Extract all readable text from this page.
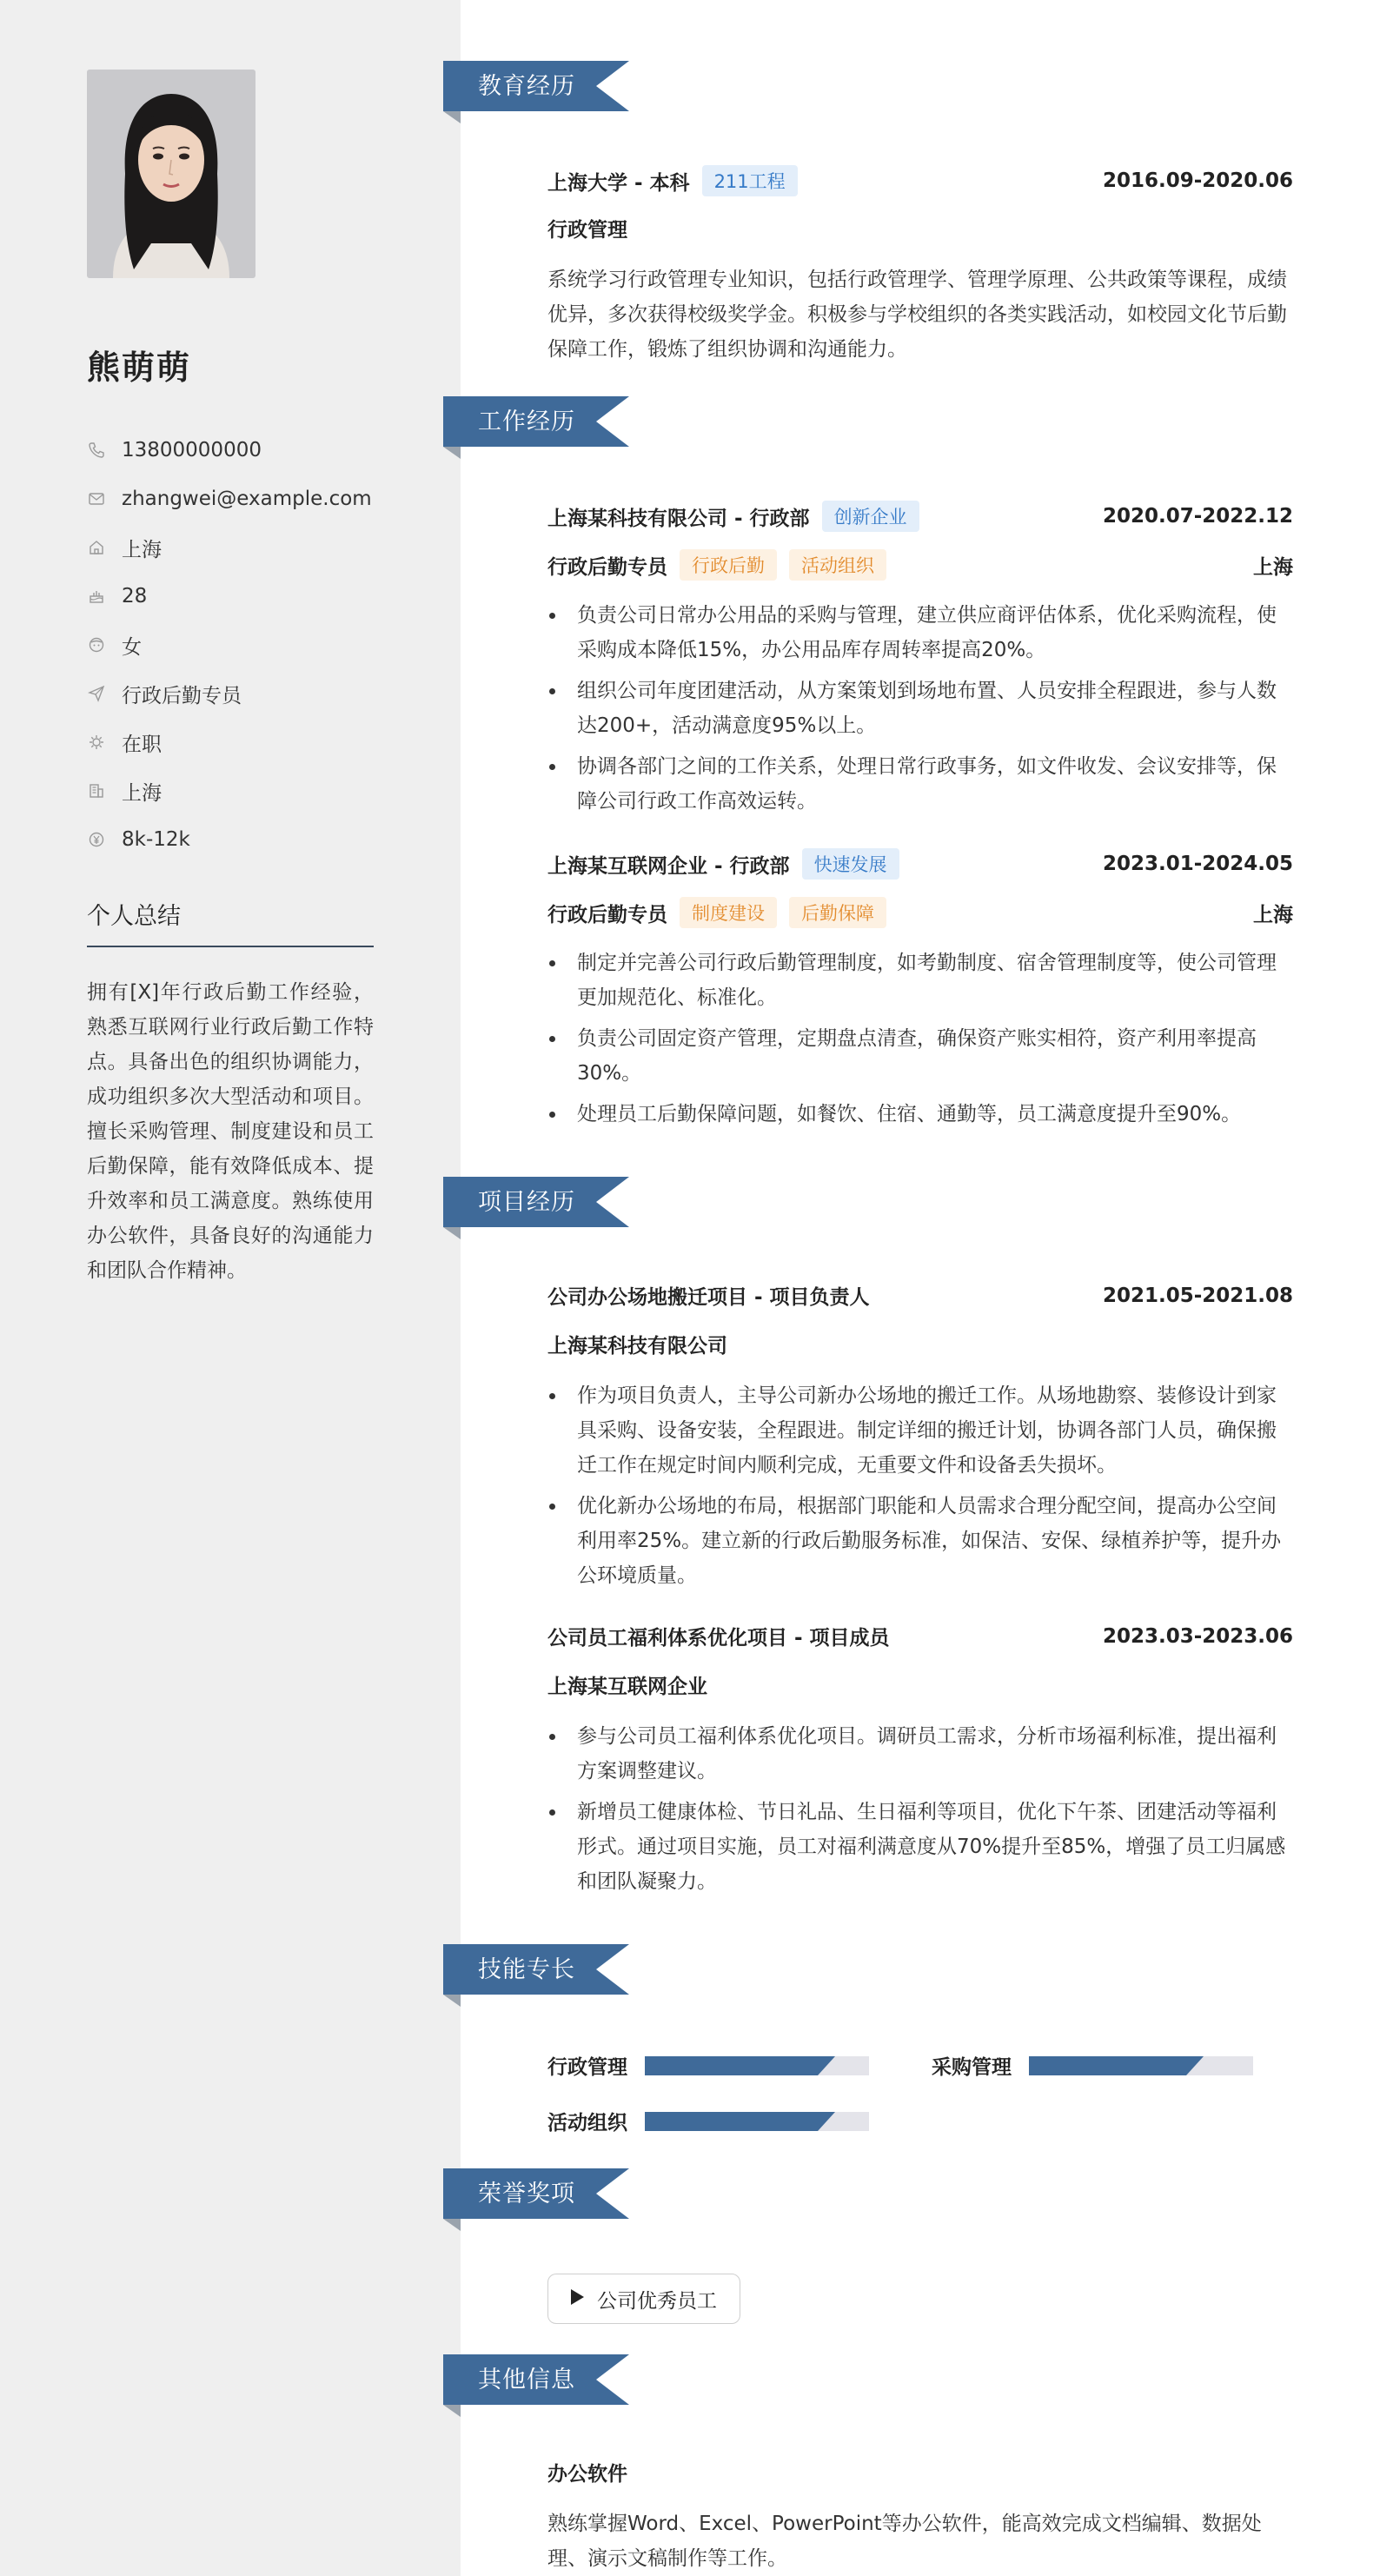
熊萌萌
13800000000
zhangwei@example.com
上海
28
女
行政后勤专员
在职
上海
8k-12k
个人总结
拥有[X]年行政后勤工作经验，熟悉互联网行业行政后勤工作特点。具备出色的组织协调能力，成功组织多次大型活动和项目。擅长采购管理、制度建设和员工后勤保障，能有效降低成本、提升效率和员工满意度。熟练使用办公软件，具备良好的沟通能力和团队合作精神。
教育经历
工作经历
项目经历
技能专长
荣誉奖项
其他信息
上海大学 - 本科	211工程	2016.09-2020.06
行政管理
系统学习行政管理专业知识，包括行政管理学、管理学原理、公共政策等课程，成绩优异，多次获得校级奖学金。积极参与学校组织的各类实践活动，如校园文化节后勤保障工作，锻炼了组织协调和沟通能力。
上海某科技有限公司 - 行政部	创新企业	2020.07-2022.12
行政后勤专员	行政后勤	活动组织	上海
负责公司日常办公用品的采购与管理，建立供应商评估体系，优化采购流程，使采购成本降低15%，办公用品库存周转率提高20%。
组织公司年度团建活动，从方案策划到场地布置、人员安排全程跟进，参与人数达200+，活动满意度95%以上。
协调各部门之间的工作关系，处理日常行政事务，如文件收发、会议安排等，保障公司行政工作高效运转。
上海某互联网企业 - 行政部	快速发展	2023.01-2024.05
行政后勤专员	制度建设	后勤保障	上海
制定并完善公司行政后勤管理制度，如考勤制度、宿舍管理制度等，使公司管理更加规范化、标准化。
负责公司固定资产管理，定期盘点清查，确保资产账实相符，资产利用率提高30%。
处理员工后勤保障问题，如餐饮、住宿、通勤等，员工满意度提升至90%。
公司办公场地搬迁项目 - 项目负责人	2021.05-2021.08
上海某科技有限公司
作为项目负责人，主导公司新办公场地的搬迁工作。从场地勘察、装修设计到家具采购、设备安装，全程跟进。制定详细的搬迁计划，协调各部门人员，确保搬迁工作在规定时间内顺利完成，无重要文件和设备丢失损坏。
优化新办公场地的布局，根据部门职能和人员需求合理分配空间，提高办公空间利用率25%。建立新的行政后勤服务标准，如保洁、安保、绿植养护等，提升办公环境质量。
公司员工福利体系优化项目 - 项目成员	2023.03-2023.06
上海某互联网企业
参与公司员工福利体系优化项目。调研员工需求，分析市场福利标准，提出福利方案调整建议。
新增员工健康体检、节日礼品、生日福利等项目，优化下午茶、团建活动等福利形式。通过项目实施，员工对福利满意度从70%提升至85%，增强了员工归属感和团队凝聚力。
行政管理	采购管理
活动组织
公司优秀员工
办公软件
熟练掌握Word、Excel、PowerPoint等办公软件，能高效完成文档编辑、数据处理、演示文稿制作等工作。
